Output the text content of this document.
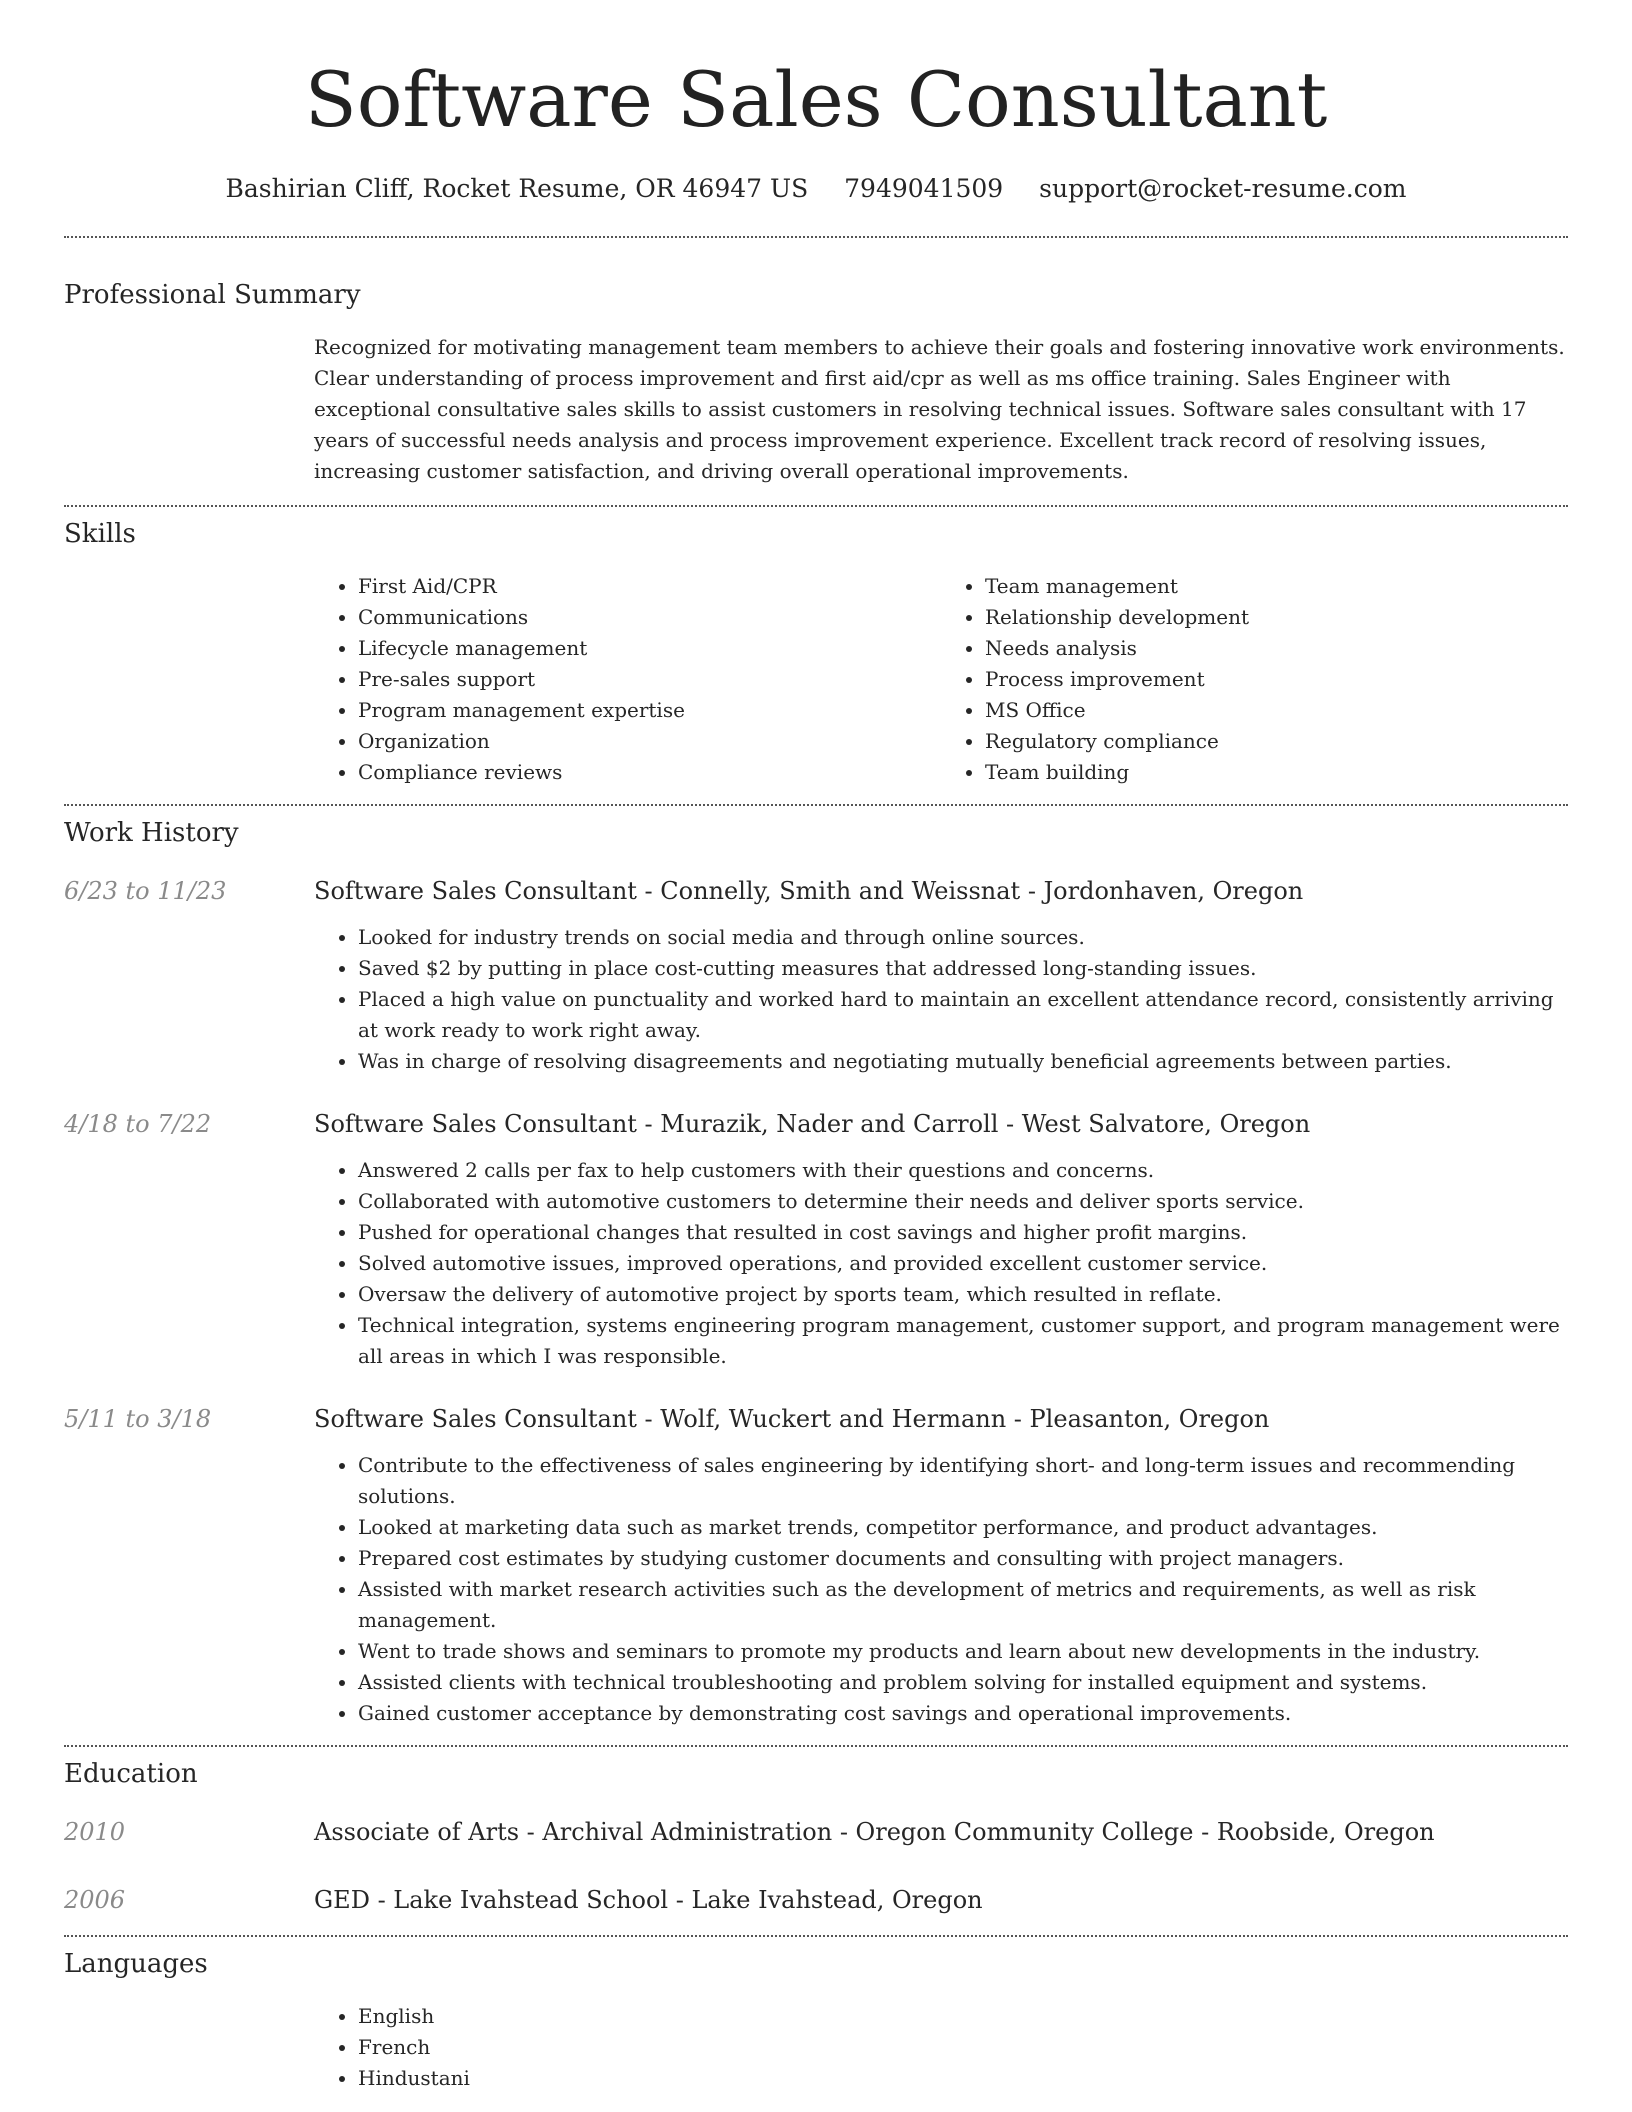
Software Sales Consultant
Bashirian Cliff, Rocket Resume, OR 46947 US 7949041509 support@rocket-resume.com
Professional Summary

Recognized for motivating management team members to achieve their goals and fostering innovative work environments. Clear understanding of process improvement and first aid/cpr as well as ms office training. Sales Engineer with exceptional consultative sales skills to assist customers in resolving technical issues. Software sales consultant with 17 years of successful needs analysis and process improvement experience. Excellent track record of resolving issues, increasing customer satisfaction, and driving overall operational improvements.

Skills
• First Aid/CPR
• Communications
• Lifecycle management
• Pre-sales support
• Program management expertise
• Organization
• Compliance reviews
• Team management
• Relationship development
• Needs analysis
• Process improvement
• MS Office
• Regulatory compliance
• Team building
Work History
6/23 to 11/23	Software Sales Consultant - Connelly, Smith and Weissnat - Jordonhaven, Oregon
• Looked for industry trends on social media and through online sources.
• Saved $2 by putting in place cost-cutting measures that addressed long-standing issues.
• Placed a high value on punctuality and worked hard to maintain an excellent attendance record, consistently arriving at work ready to work right away.
• Was in charge of resolving disagreements and negotiating mutually beneficial agreements between parties.
4/18 to 7/22	Software Sales Consultant - Murazik, Nader and Carroll - West Salvatore, Oregon
• Answered 2 calls per fax to help customers with their questions and concerns.
• Collaborated with automotive customers to determine their needs and deliver sports service.
• Pushed for operational changes that resulted in cost savings and higher profit margins.
• Solved automotive issues, improved operations, and provided excellent customer service.
• Oversaw the delivery of automotive project by sports team, which resulted in reflate.
• Technical integration, systems engineering program management, customer support, and program management were all areas in which I was responsible.
5/11 to 3/18	Software Sales Consultant - Wolf, Wuckert and Hermann - Pleasanton, Oregon
• Contribute to the effectiveness of sales engineering by identifying short- and long-term issues and recommending solutions.
• Looked at marketing data such as market trends, competitor performance, and product advantages.
• Prepared cost estimates by studying customer documents and consulting with project managers.
• Assisted with market research activities such as the development of metrics and requirements, as well as risk management.
• Went to trade shows and seminars to promote my products and learn about new developments in the industry.
• Assisted clients with technical troubleshooting and problem solving for installed equipment and systems.
• Gained customer acceptance by demonstrating cost savings and operational improvements.
Education
2010	Associate of Arts - Archival Administration - Oregon Community College - Roobside, Oregon
2006	GED - Lake Ivahstead School - Lake Ivahstead, Oregon
Languages
• English
• French
• Hindustani
